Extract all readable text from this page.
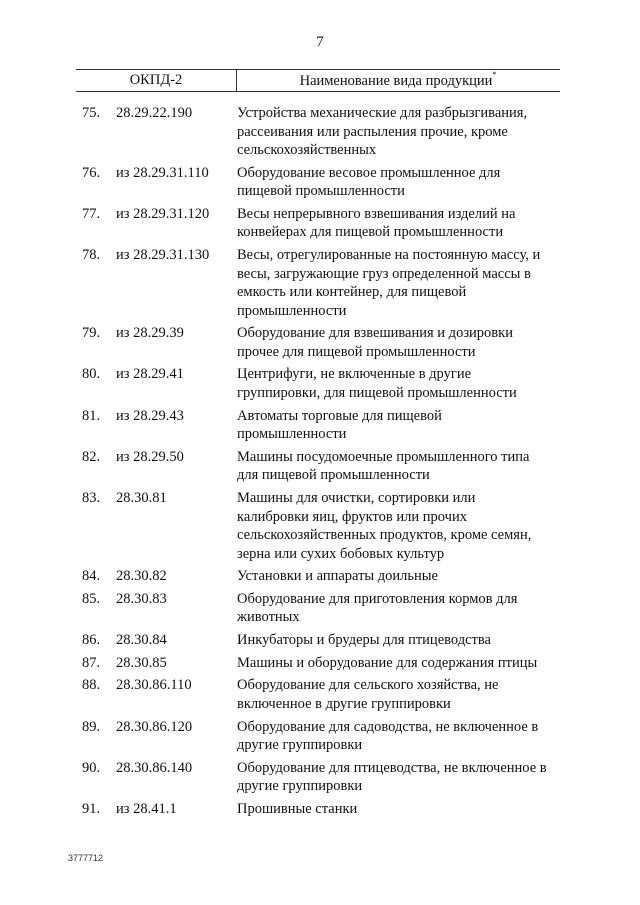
7
ОКПД-2	Наименование вида продукции*
75.	28.29.22.190	Устройства механические для разбрызгивания,
рассеивания или распыления прочие, кроме
сельскохозяйственных
76.	из 28.29.31.110	Оборудование весовое промышленное для
пищевой промышленности
77.	из 28.29.31.120	Весы непрерывного взвешивания изделий на
конвейерах для пищевой промышленности
78.	из 28.29.31.130	Весы, отрегулированные на постоянную массу, и
весы, загружающие груз определенной массы в
емкость или контейнер, для пищевой
промышленности
79.	из 28.29.39	Оборудование для взвешивания и дозировки
прочее для пищевой промышленности
80.	из 28.29.41	Центрифуги, не включенные в другие
группировки, для пищевой промышленности
81.	из 28.29.43	Автоматы торговые для пищевой
промышленности
82.	из 28.29.50	Машины посудомоечные промышленного типа
для пищевой промышленности
83.	28.30.81	Машины для очистки, сортировки или
калибровки яиц, фруктов или прочих
сельскохозяйственных продуктов, кроме семян,
зерна или сухих бобовых культур
84.	28.30.82	Установки и аппараты доильные
85.	28.30.83	Оборудование для приготовления кормов для
животных
86.	28.30.84	Инкубаторы и брудеры для птицеводства
87.	28.30.85	Машины и оборудование для содержания птицы
88.	28.30.86.110	Оборудование для сельского хозяйства, не
включенное в другие группировки
89.	28.30.86.120	Оборудование для садоводства, не включенное в
другие группировки
90.	28.30.86.140	Оборудование для птицеводства, не включенное в
другие группировки
91.	из 28.41.1	Прошивные станки
3777712
